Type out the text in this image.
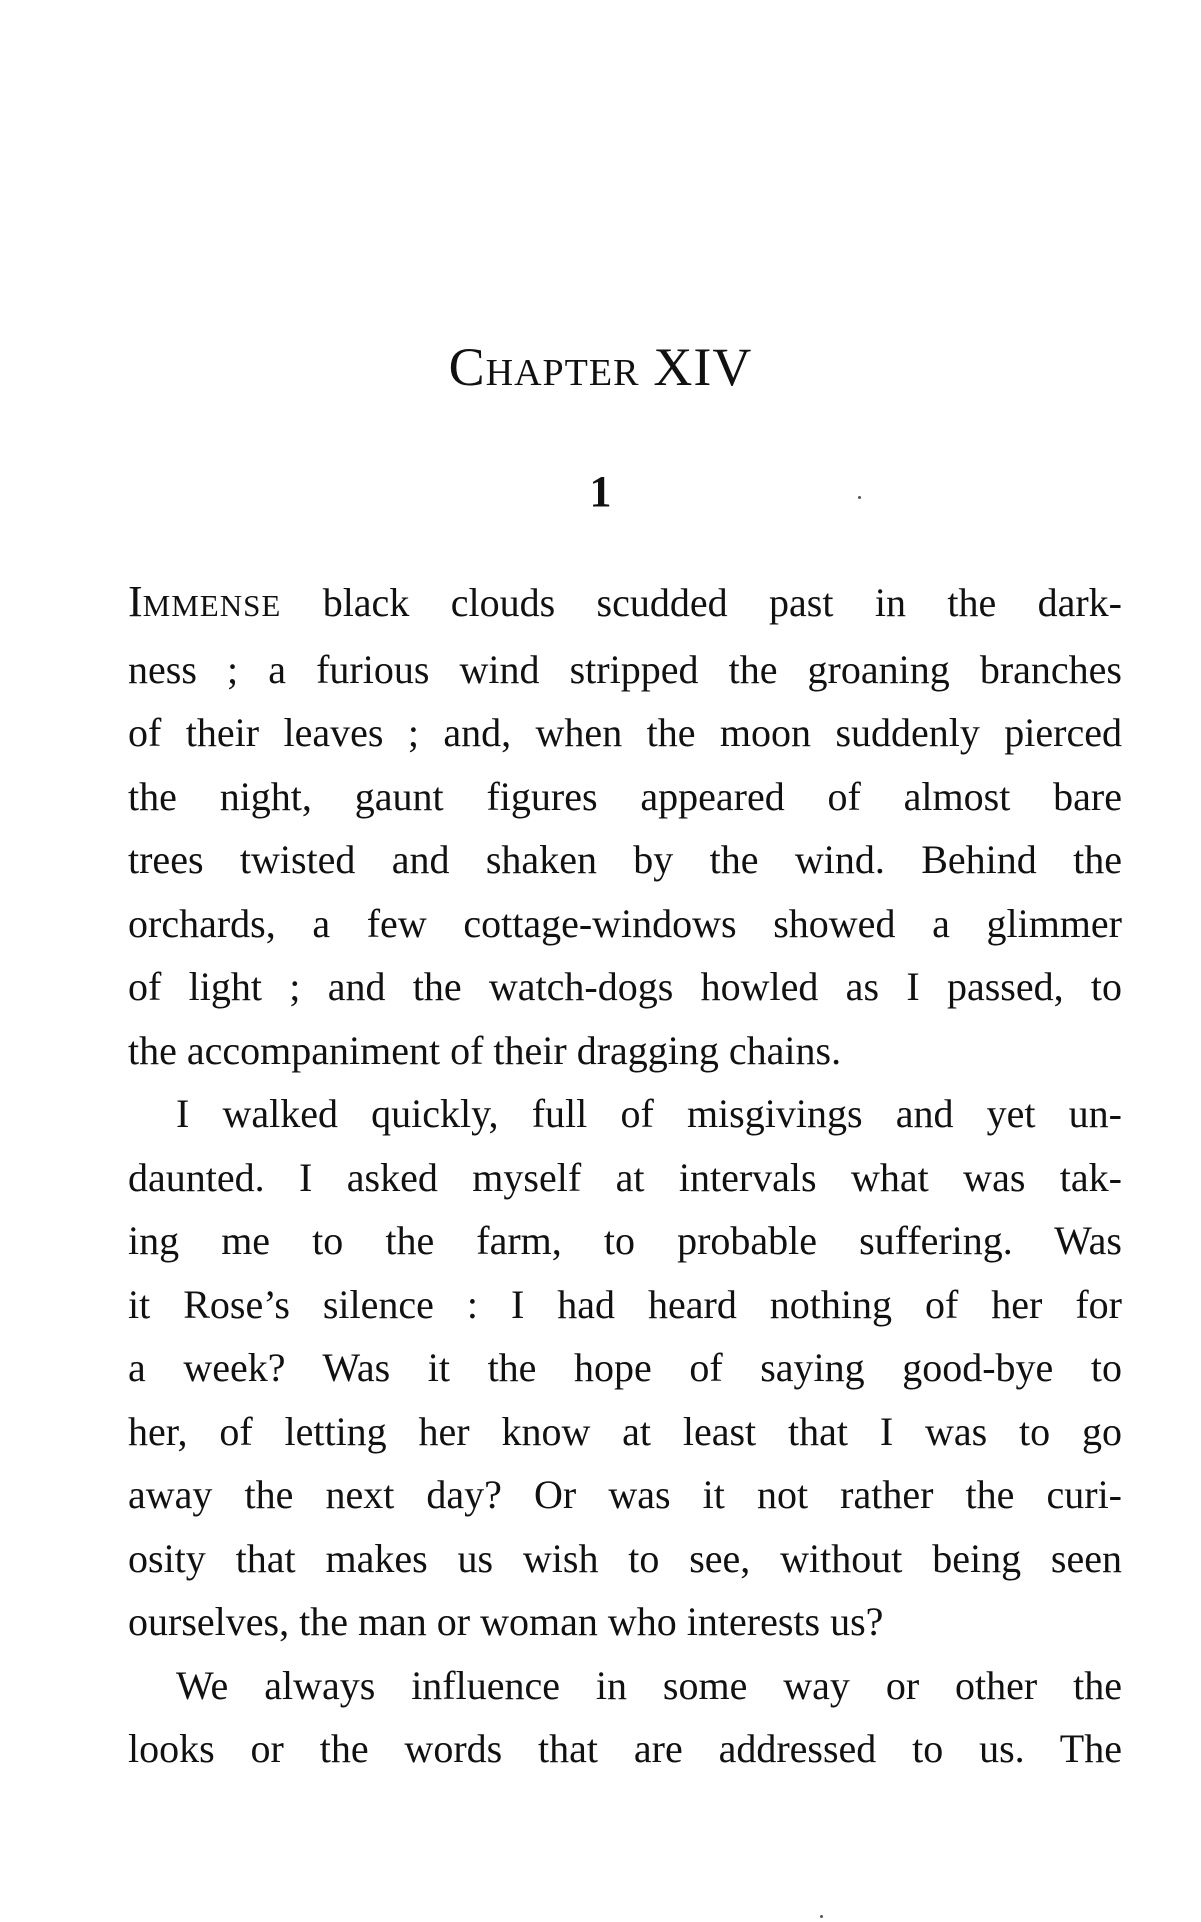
CHAPTER XIV
1

IMMENSE black clouds scudded past in the dark-
ness ; a furious wind stripped the groaning branches
of their leaves ; and, when the moon suddenly pierced
the night, gaunt figures appeared of almost bare
trees twisted and shaken by the wind. Behind the
orchards, a few cottage-windows showed a glimmer
of light ; and the watch-dogs howled as I passed, to
the accompaniment of their dragging chains.

I walked quickly, full of misgivings and yet un-
daunted. I asked myself at intervals what was tak-
ing me to the farm, to probable suffering. Was
it Rose’s silence : I had heard nothing of her for
a week? Was it the hope of saying good-bye to
her, of letting her know at least that I was to go
away the next day? Or was it not rather the curi-
osity that makes us wish to see, without being seen
ourselves, the man or woman who interests us?

We always influence in some way or other the
looks or the words that are addressed to us. The
